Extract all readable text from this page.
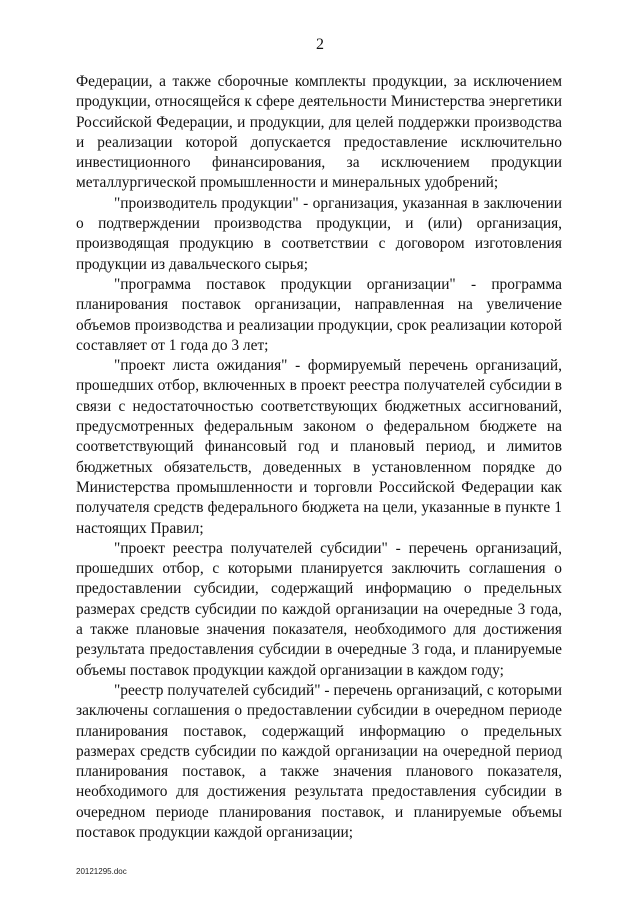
2

Федерации, а также сборочные комплекты продукции, за исключением продукции, относящейся к сфере деятельности Министерства энергетики Российской Федерации, и продукции, для целей поддержки производства и реализации которой допускается предоставление исключительно инвестиционного финансирования, за исключением продукции металлургической промышленности и минеральных удобрений;

"производитель продукции" - организация, указанная в заключении о подтверждении производства продукции, и (или) организация, производящая продукцию в соответствии с договором изготовления продукции из давальческого сырья;

"программа поставок продукции организации" - программа планирования поставок организации, направленная на увеличение объемов производства и реализации продукции, срок реализации которой составляет от 1 года до 3 лет;

"проект листа ожидания" - формируемый перечень организаций, прошедших отбор, включенных в проект реестра получателей субсидии в связи с недостаточностью соответствующих бюджетных ассигнований, предусмотренных федеральным законом о федеральном бюджете на соответствующий финансовый год и плановый период, и лимитов бюджетных обязательств, доведенных в установленном порядке до Министерства промышленности и торговли Российской Федерации как получателя средств федерального бюджета на цели, указанные в пункте 1 настоящих Правил;

"проект реестра получателей субсидии" - перечень организаций, прошедших отбор, с которыми планируется заключить соглашения о предоставлении субсидии, содержащий информацию о предельных размерах средств субсидии по каждой организации на очередные 3 года, а также плановые значения показателя, необходимого для достижения результата предоставления субсидии в очередные 3 года, и планируемые объемы поставок продукции каждой организации в каждом году;

"реестр получателей субсидий" - перечень организаций, с которыми заключены соглашения о предоставлении субсидии в очередном периоде планирования поставок, содержащий информацию о предельных размерах средств субсидии по каждой организации на очередной период планирования поставок, а также значения планового показателя, необходимого для достижения результата предоставления субсидии в очередном периоде планирования поставок, и планируемые объемы поставок продукции каждой организации;

20121295.doc
